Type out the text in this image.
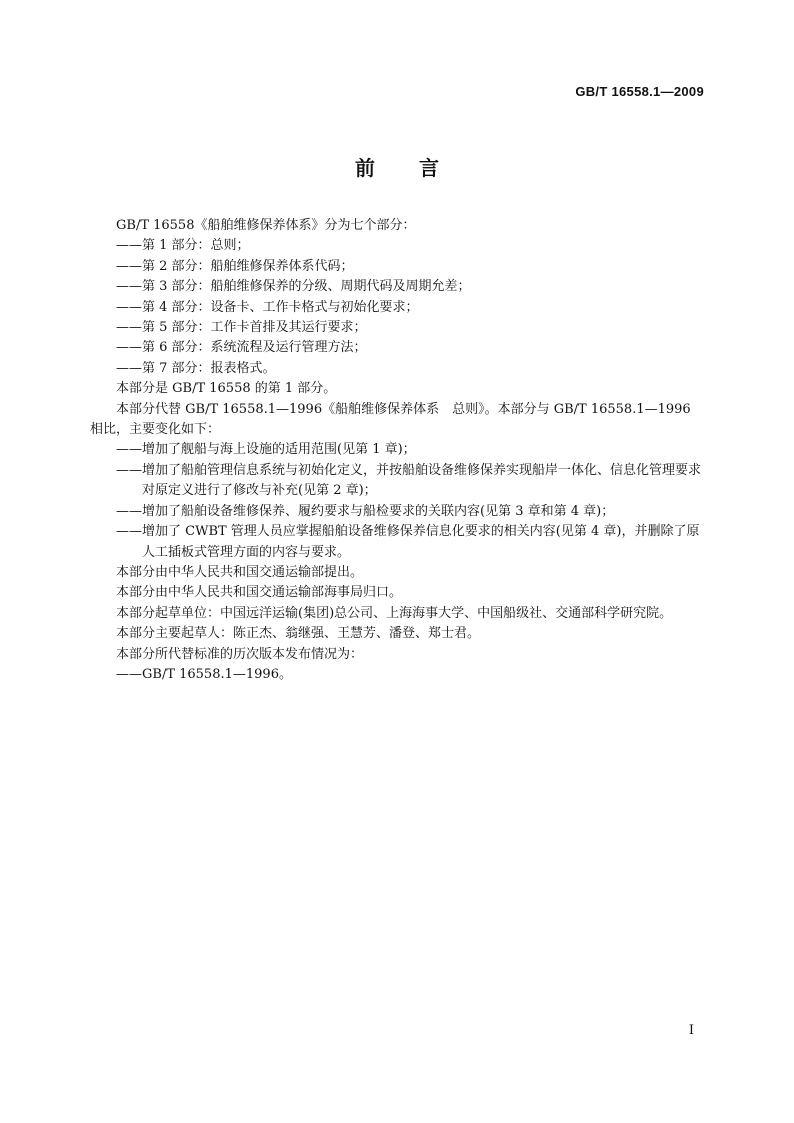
GB/T 16558.1—2009
前言

GB/T 16558《船舶维修保养体系》分为七个部分：

—— 第 1 部分：总则；
—— 第 2 部分：船舶维修保养体系代码；
—— 第 3 部分：船舶维修保养的分级、周期代码及周期允差；
—— 第 4 部分：设备卡、工作卡格式与初始化要求；
—— 第 5 部分：工作卡首排及其运行要求；
—— 第 6 部分：系统流程及运行管理方法；
—— 第 7 部分：报表格式。

本部分是 GB/T 16558 的第 1 部分。

本部分代替 GB/T 16558.1—1996《船舶维修保养体系　总则》。本部分与 GB/T 16558.1—1996

相比，主要变化如下：

—— 增加了舰船与海上设施的适用范围(见第 1 章)；
—— 增加了船舶管理信息系统与初始化定义，并按船舶设备维修保养实现船岸一体化、信息化管理要求对原定义进行了修改与补充(见第 2 章)；
—— 增加了船舶设备维修保养、履约要求与船检要求的关联内容(见第 3 章和第 4 章)；
—— 增加了 CWBT 管理人员应掌握船舶设备维修保养信息化要求的相关内容(见第 4 章)，并删除了原人工插板式管理方面的内容与要求。

本部分由中华人民共和国交通运输部提出。

本部分由中华人民共和国交通运输部海事局归口。

本部分起草单位：中国远洋运输(集团)总公司、上海海事大学、中国船级社、交通部科学研究院。

本部分主要起草人：陈正杰、翁继强、王慧芳、潘登、郑士君。

本部分所代替标准的历次版本发布情况为：

—— GB/T 16558.1—1996。
I
